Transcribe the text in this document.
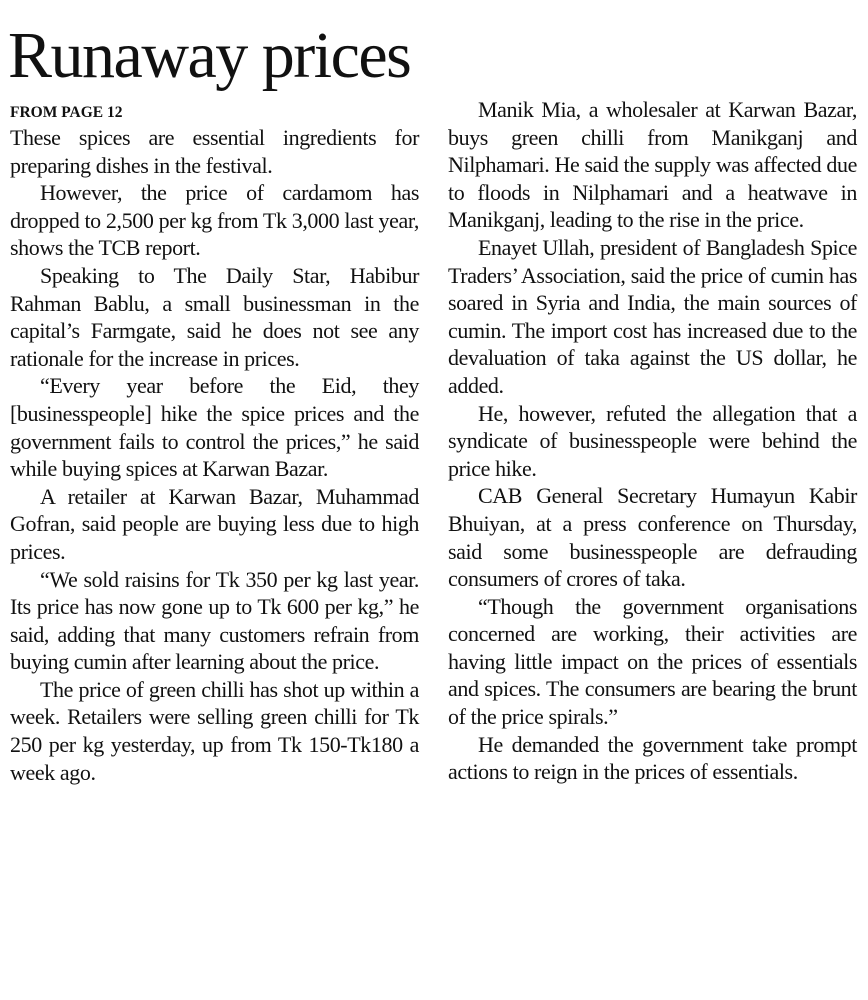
Runaway prices
FROM PAGE 12

These spices are essential ingredients for preparing dishes in the festival.

However, the price of cardamom has dropped to 2,500 per kg from Tk 3,000 last year, shows the TCB report.

Speaking to The Daily Star, Habibur Rahman Bablu, a small businessman in the capital’s Farmgate, said he does not see any rationale for the increase in prices.

“Every year before the Eid, they [businesspeople] hike the spice prices and the government fails to control the prices,” he said while buying spices at Karwan Bazar.

A retailer at Karwan Bazar, Muhammad Gofran, said people are buying less due to high prices.

“We sold raisins for Tk 350 per kg last year. Its price has now gone up to Tk 600 per kg,” he said, adding that many customers refrain from buying cumin after learning about the price.

The price of green chilli has shot up within a week. Retailers were selling green chilli for Tk 250 per kg yesterday, up from Tk 150-Tk180 a week ago.

Manik Mia, a wholesaler at Karwan Bazar, buys green chilli from Manikganj and Nilphamari. He said the supply was affected due to floods in Nilphamari and a heatwave in Manikganj, leading to the rise in the price.

Enayet Ullah, president of Bangladesh Spice Traders’ Association, said the price of cumin has soared in Syria and India, the main sources of cumin. The import cost has increased due to the devaluation of taka against the US dollar, he added.

He, however, refuted the allegation that a syndicate of businesspeople were behind the price hike.

CAB General Secretary Humayun Kabir Bhuiyan, at a press conference on Thursday, said some businesspeople are defrauding consumers of crores of taka.

“Though the government organisations concerned are working, their activities are having little impact on the prices of essentials and spices. The consumers are bearing the brunt of the price spirals.”

He demanded the government take prompt actions to reign in the prices of essentials.
